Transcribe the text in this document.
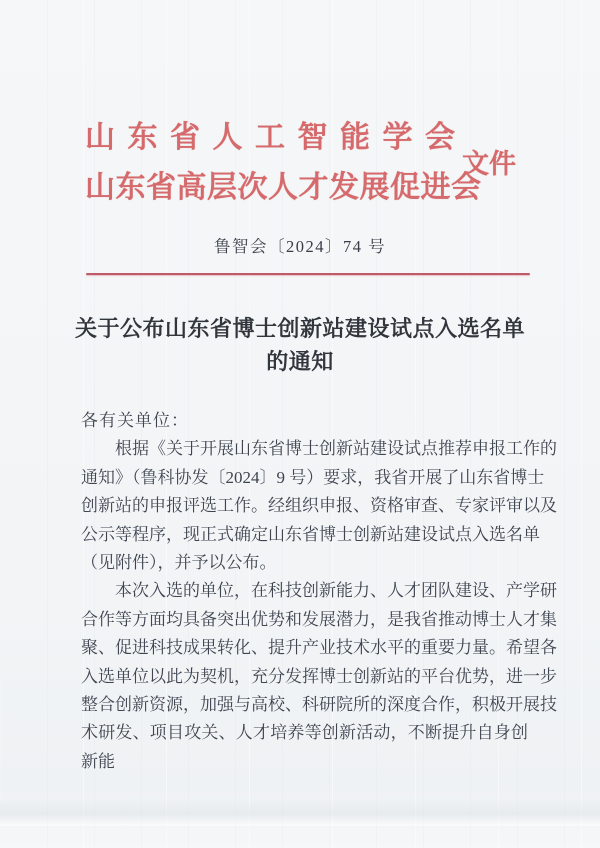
山东省人工智能学会
山东省高层次人才发展促进会
文件
鲁智会〔2024〕74 号
关于公布山东省博士创新站建设试点入选名单
的通知
各有关单位：
根据《关于开展山东省博士创新站建设试点推荐申报工作的
通知》（鲁科协发〔2024〕9 号）要求，我省开展了山东省博士
创新站的申报评选工作。经组织申报、资格审查、专家评审以及
公示等程序，现正式确定山东省博士创新站建设试点入选名单
（见附件），并予以公布。
本次入选的单位，在科技创新能力、人才团队建设、产学研
合作等方面均具备突出优势和发展潜力，是我省推动博士人才集
聚、促进科技成果转化、提升产业技术水平的重要力量。希望各
入选单位以此为契机，充分发挥博士创新站的平台优势，进一步
整合创新资源，加强与高校、科研院所的深度合作，积极开展技
术研发、项目攻关、人才培养等创新活动，不断提升自身创新能
